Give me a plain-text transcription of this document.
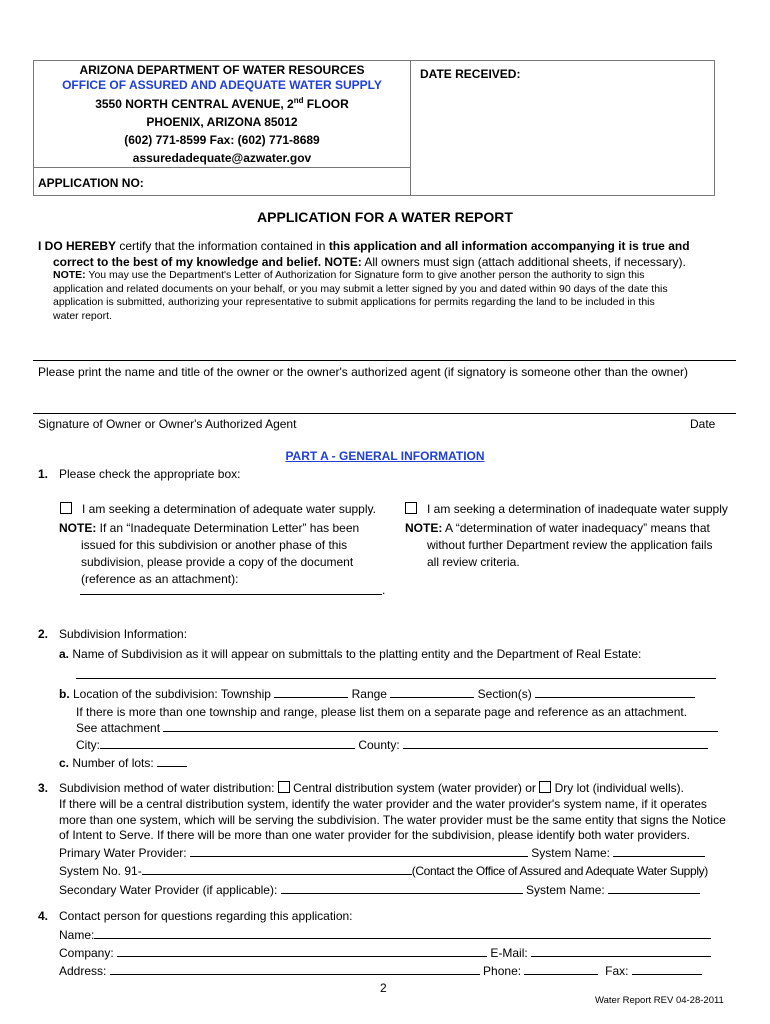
ARIZONA DEPARTMENT OF WATER RESOURCES
OFFICE OF ASSURED AND ADEQUATE WATER SUPPLY
3550 NORTH CENTRAL AVENUE, 2nd FLOOR
PHOENIX, ARIZONA 85012
(602) 771-8599 Fax: (602) 771-8689
assuredadequate@azwater.gov
APPLICATION NO:
DATE RECEIVED:
APPLICATION FOR A WATER REPORT
I DO HEREBY certify that the information contained in this application and all information accompanying it is true and
correct to the best of my knowledge and belief. NOTE: All owners must sign (attach additional sheets, if necessary).
NOTE: You may use the Department's Letter of Authorization for Signature form to give another person the authority to sign this
application and related documents on your behalf, or you may submit a letter signed by you and dated within 90 days of the date this
application is submitted, authorizing your representative to submit applications for permits regarding the land to be included in this
water report.
Please print the name and title of the owner or the owner's authorized agent (if signatory is someone other than the owner)
Signature of Owner or Owner's Authorized Agent	Date
PART A - GENERAL INFORMATION
1. Please check the appropriate box:
I am seeking a determination of adequate water supply.	I am seeking a determination of inadequate water supply
NOTE: If an “Inadequate Determination Letter” has been
issued for this subdivision or another phase of this
subdivision, please provide a copy of the document
(reference as an attachment):
.
NOTE: A “determination of water inadequacy” means that
without further Department review the application fails
all review criteria.
2. Subdivision Information:
a. Name of Subdivision as it will appear on submittals to the platting entity and the Department of Real Estate:
b. Location of the subdivision: Township	Range	Section(s)
If there is more than one township and range, please list them on a separate page and reference as an attachment.
See attachment
City:	County:
c. Number of lots:
3. Subdivision method of water distribution: Central distribution system (water provider) or Dry lot (individual wells).
If there will be a central distribution system, identify the water provider and the water provider's system name, if it operates
more than one system, which will be serving the subdivision. The water provider must be the same entity that signs the Notice
of Intent to Serve. If there will be more than one water provider for the subdivision, please identify both water providers.
Primary Water Provider:	System Name:
System No. 91-	(Contact the Office of Assured and Adequate Water Supply)
Secondary Water Provider (if applicable):	System Name:
4. Contact person for questions regarding this application:
Name:
Company:	E-Mail:
Address:	Phone:	Fax:
2
Water Report REV 04-28-2011
